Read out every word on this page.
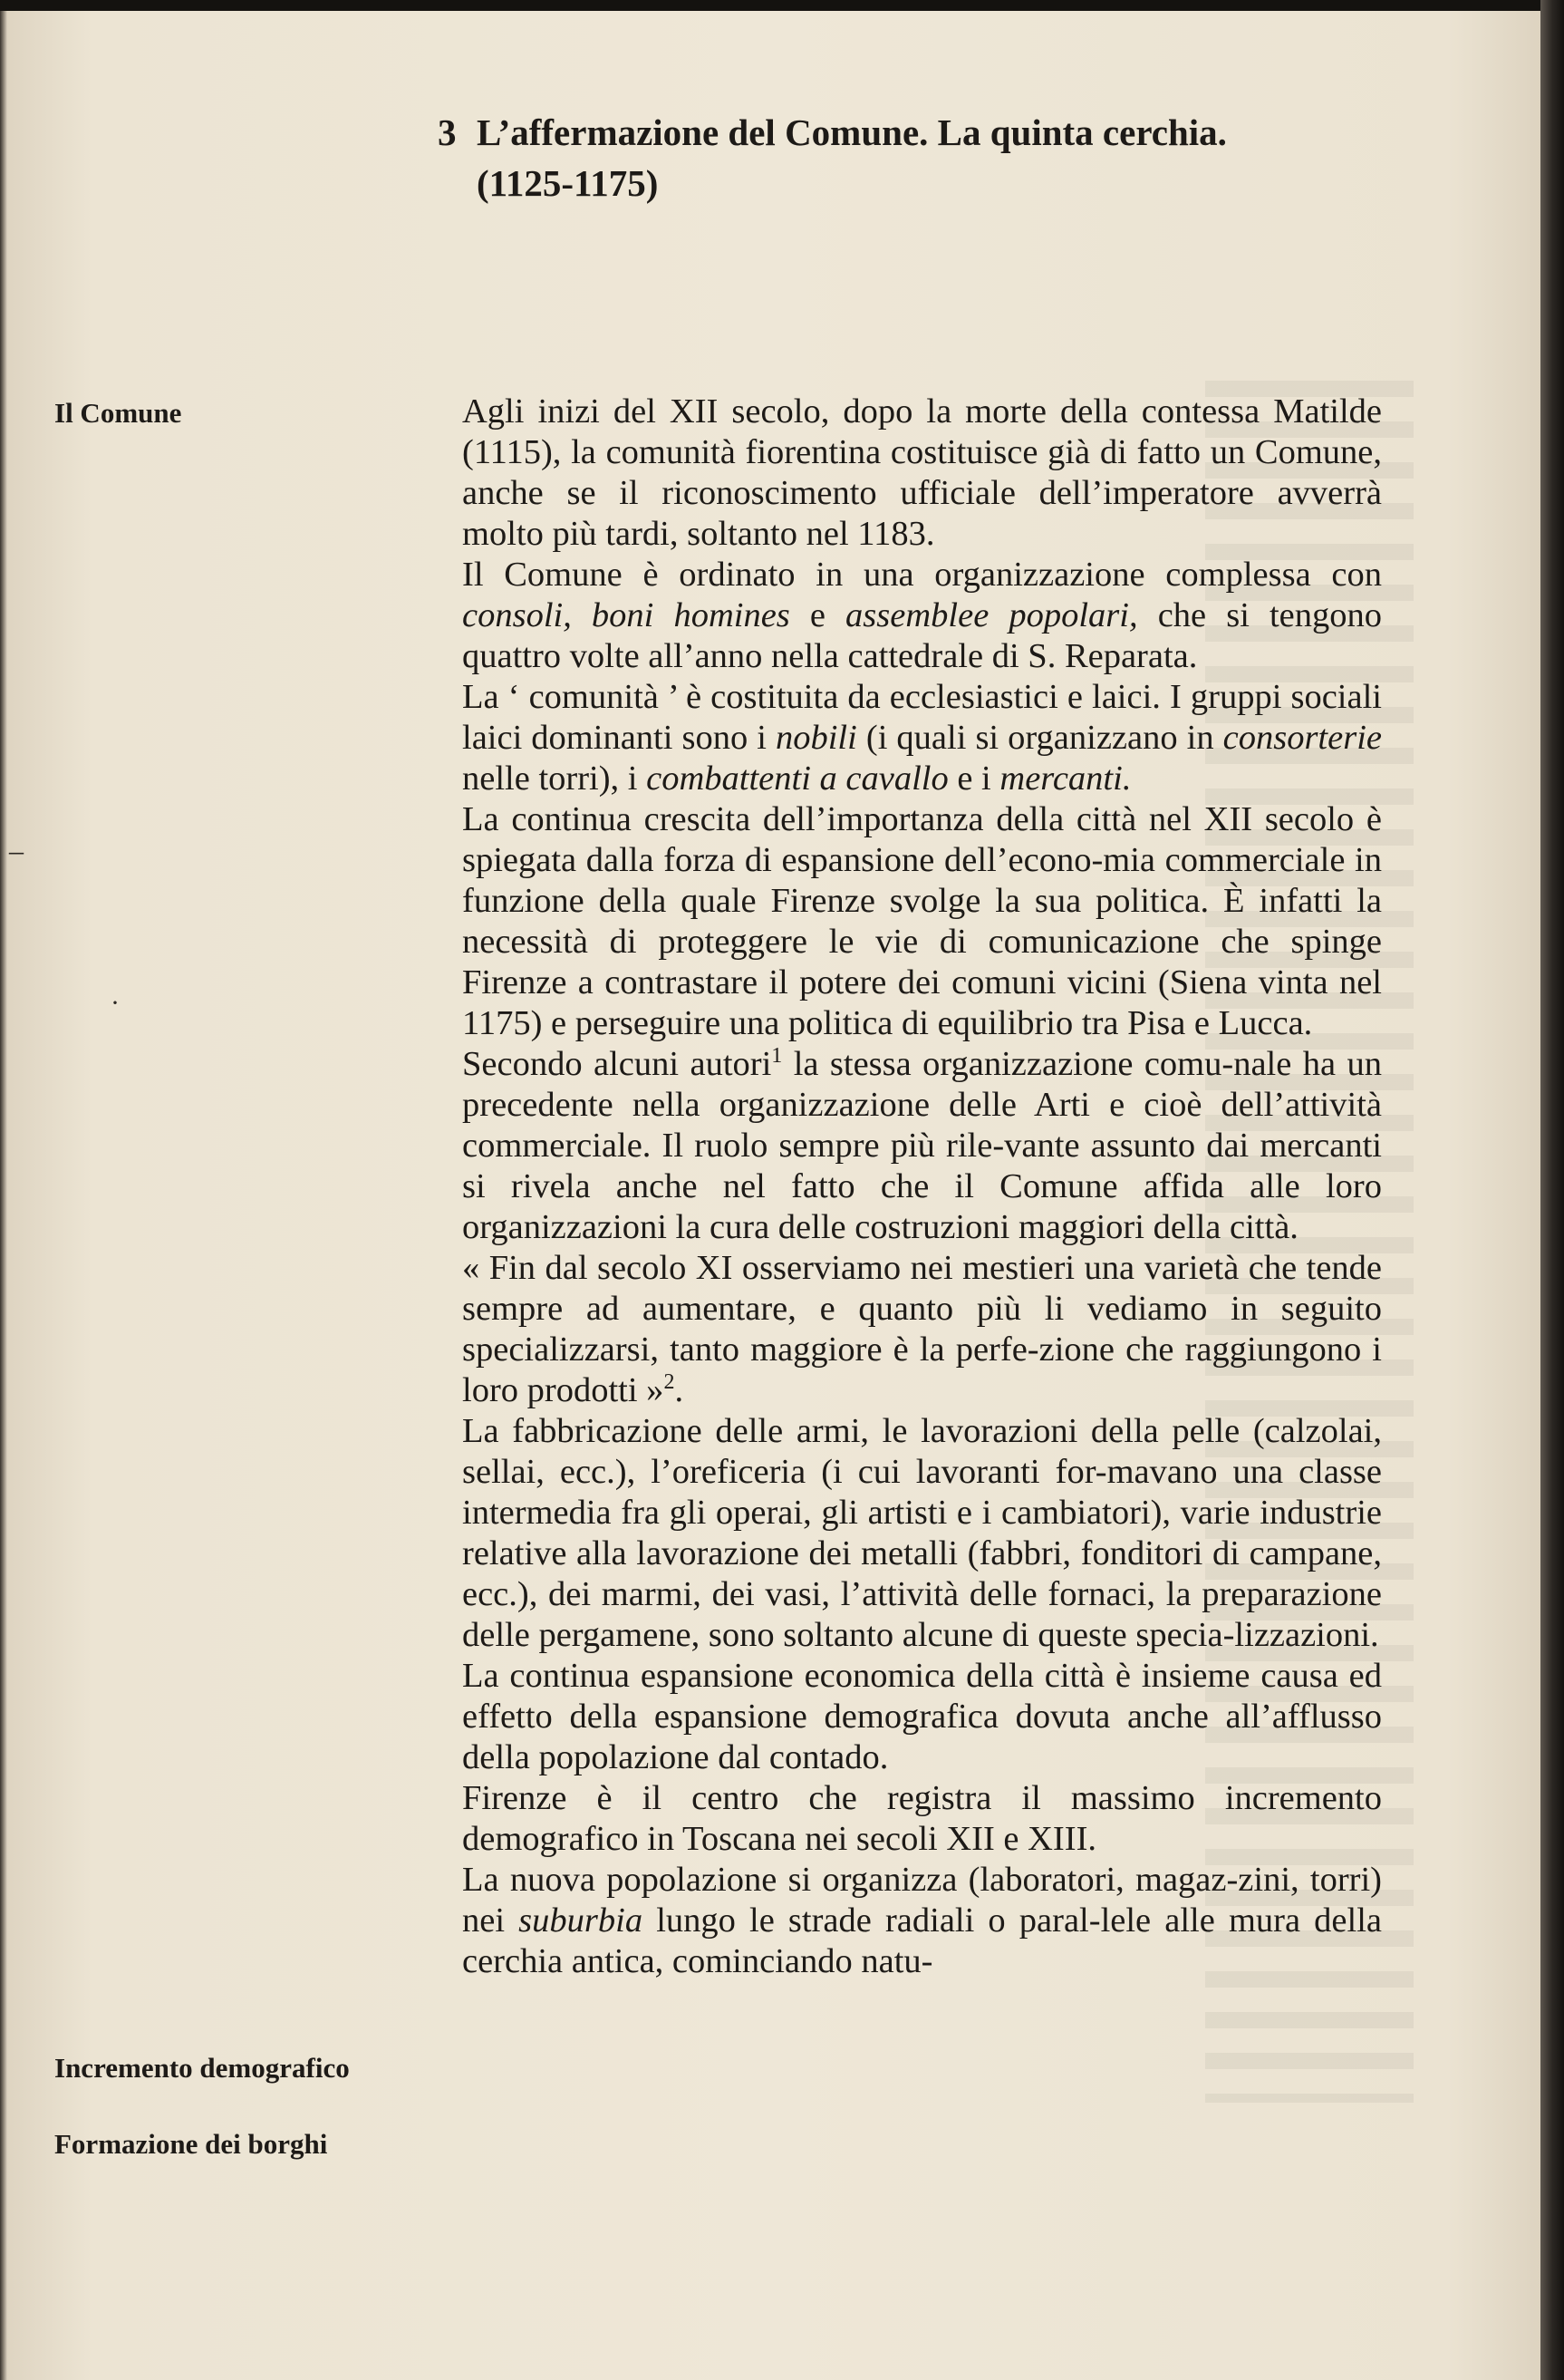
3 L’affermazione del Comune. La quinta cerchia.
(1125-1175)
Il Comune
Incremento demografico
Formazione dei borghi
–
·

Agli inizi del XII secolo, dopo la morte della contessa Matilde (1115), la comunità fiorentina costituisce già di fatto un Comune, anche se il riconoscimento ufficiale dell’imperatore avverrà molto più tardi, soltanto nel 1183.

Il Comune è ordinato in una organizzazione complessa con consoli, boni homines e assemblee popolari, che si tengono quattro volte all’anno nella cattedrale di S. Reparata.

La ‘ comunità ’ è costituita da ecclesiastici e laici. I gruppi sociali laici dominanti sono i nobili (i quali si organizzano in consorterie nelle torri), i combattenti a cavallo e i mercanti.

La continua crescita dell’importanza della città nel XII secolo è spiegata dalla forza di espansione dell’econo-mia commerciale in funzione della quale Firenze svolge la sua politica. È infatti la necessità di proteggere le vie di comunicazione che spinge Firenze a contrastare il potere dei comuni vicini (Siena vinta nel 1175) e perseguire una politica di equilibrio tra Pisa e Lucca.

Secondo alcuni autori$^1$ la stessa organizzazione comu-nale ha un precedente nella organizzazione delle Arti e cioè dell’attività commerciale. Il ruolo sempre più rile-vante assunto dai mercanti si rivela anche nel fatto che il Comune affida alle loro organizzazioni la cura delle costruzioni maggiori della città.

« Fin dal secolo XI osserviamo nei mestieri una varietà che tende sempre ad aumentare, e quanto più li vediamo in seguito specializzarsi, tanto maggiore è la perfe-zione che raggiungono i loro prodotti »$^2$.

La fabbricazione delle armi, le lavorazioni della pelle (calzolai, sellai, ecc.), l’oreficeria (i cui lavoranti for-mavano una classe intermedia fra gli operai, gli artisti e i cambiatori), varie industrie relative alla lavorazione dei metalli (fabbri, fonditori di campane, ecc.), dei marmi, dei vasi, l’attività delle fornaci, la preparazione delle pergamene, sono soltanto alcune di queste specia-lizzazioni.

La continua espansione economica della città è insieme causa ed effetto della espansione demografica dovuta anche all’afflusso della popolazione dal contado.

Firenze è il centro che registra il massimo incremento demografico in Toscana nei secoli XII e XIII.

La nuova popolazione si organizza (laboratori, magaz-zini, torri) nei suburbia lungo le strade radiali o paral-lele alle mura della cerchia antica, cominciando natu-
